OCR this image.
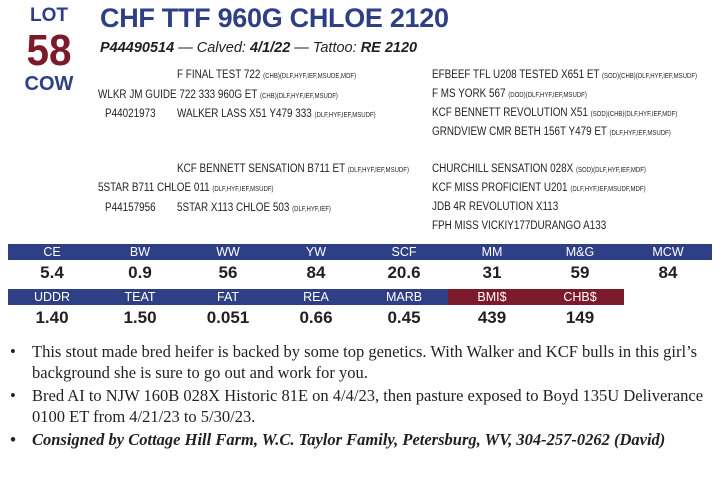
LOT
58
COW
CHF TTF 960G CHLOE 2120
P44490514 — Calved: 4/1/22 — Tattoo: RE 2120
F FINAL TEST 722 (CHB)(DLF,HYF,IEF,MSUDE,MDF)
WLKR JM GUIDE 722 333 960G ET (CHB)(DLF,HYF,IEF,MSUDF)
P44021973 WALKER LASS X51 Y479 333 (DLF,HYF,IEF,MSUDF)
EFBEEF TFL U208 TESTED X651 ET (SOD)(CHB)(DLF,HYF,IEF,MSUDF)
F MS YORK 567 (DOD)(DLF,HYF,IEF,MSUDF)
KCF BENNETT REVOLUTION X51 (SOD)(CHB)(DLF,HYF,IEF,MDF)
GRNDVIEW CMR BETH 156T Y479 ET (DLF,HYF,IEF,MSUDF)
KCF BENNETT SENSATION B711 ET (DLF,HYF,IEF,MSUDF)
5STAR B711 CHLOE 011 (DLF,HYF,IEF,MSUDF)
P44157956 5STAR X113 CHLOE 503 (DLF,HYF,IEF)
CHURCHILL SENSATION 028X (SOD)(DLF,HYF,IEF,MDF)
KCF MISS PROFICIENT U201 (DLF,HYF,IEF,MSUDF,MDF)
JDB 4R REVOLUTION X113
FPH MISS VICKIY177DURANGO A133
CE	BW	WW	YW	SCF	MM	M&G	MCW
5.4	0.9	56	84	20.6	31	59	84
UDDR	TEAT	FAT	REA	MARB	BMI$	CHB$
1.40	1.50	0.051	0.66	0.45	439	149
• This stout made bred heifer is backed by some top genetics. With Walker and KCF bulls in this girl’s background she is sure to go out and work for you.
• Bred AI to NJW 160B 028X Historic 81E on 4/4/23, then pasture exposed to Boyd 135U Deliverance 0100 ET from 4/21/23 to 5/30/23.
• Consigned by Cottage Hill Farm, W.C. Taylor Family, Petersburg, WV, 304-257-0262 (David)
